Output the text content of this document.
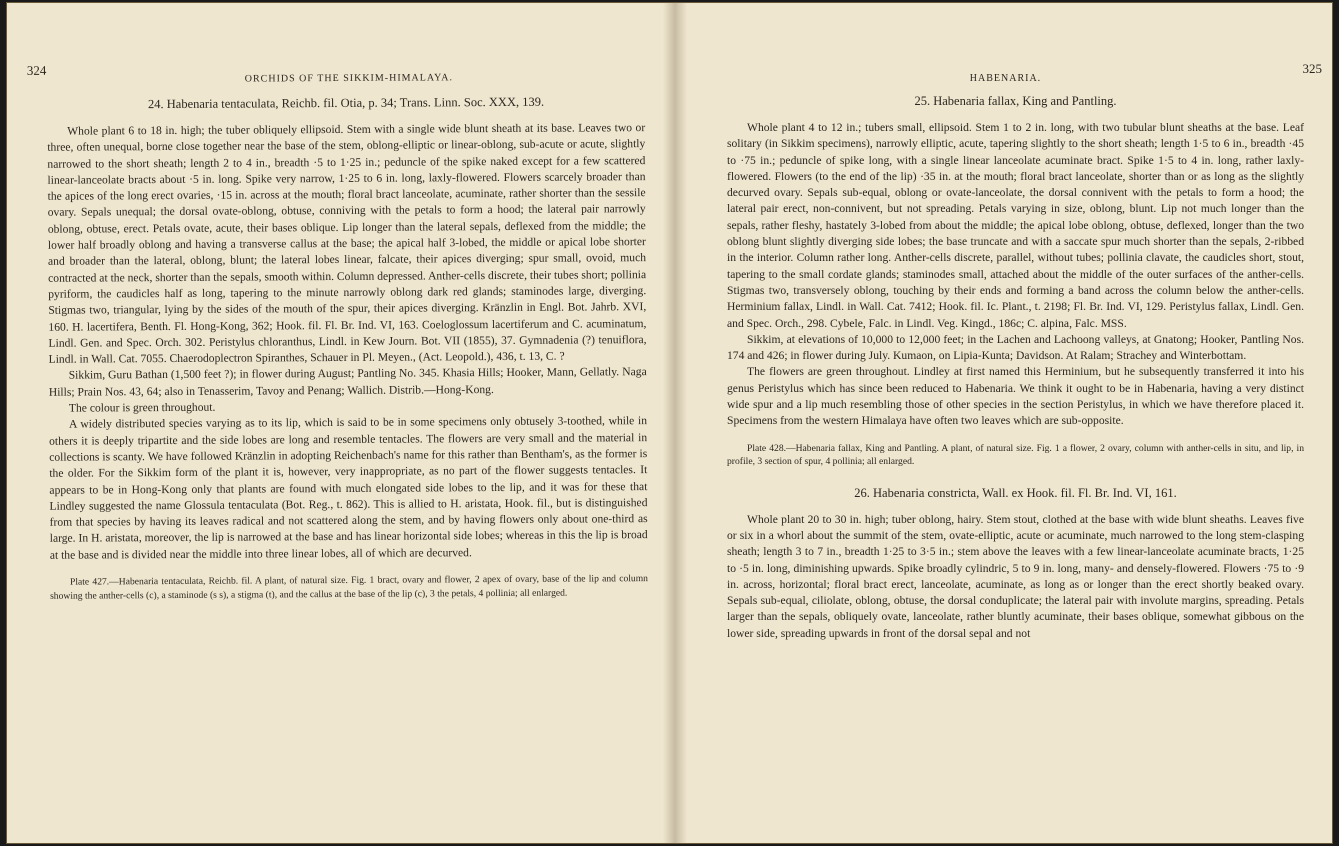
324
ORCHIDS OF THE SIKKIM-HIMALAYA.
24. Habenaria tentaculata, Reichb. fil. Otia, p. 34; Trans. Linn. Soc. XXX, 139.

Whole plant 6 to 18 in. high; the tuber obliquely ellipsoid. Stem with a single wide blunt sheath at its base. Leaves two or three, often unequal, borne close together near the base of the stem, oblong-elliptic or linear-oblong, sub-acute or acute, slightly narrowed to the short sheath; length 2 to 4 in., breadth ·5 to 1·25 in.; peduncle of the spike naked except for a few scattered linear-lanceolate bracts about ·5 in. long. Spike very narrow, 1·25 to 6 in. long, laxly-flowered. Flowers scarcely broader than the apices of the long erect ovaries, ·15 in. across at the mouth; floral bract lanceolate, acuminate, rather shorter than the sessile ovary. Sepals unequal; the dorsal ovate-oblong, obtuse, conniving with the petals to form a hood; the lateral pair narrowly oblong, obtuse, erect. Petals ovate, acute, their bases oblique. Lip longer than the lateral sepals, deflexed from the middle; the lower half broadly oblong and having a transverse callus at the base; the apical half 3-lobed, the middle or apical lobe shorter and broader than the lateral, oblong, blunt; the lateral lobes linear, falcate, their apices diverging; spur small, ovoid, much contracted at the neck, shorter than the sepals, smooth within. Column depressed. Anther-cells discrete, their tubes short; pollinia pyriform, the caudicles half as long, tapering to the minute narrowly oblong dark red glands; staminodes large, diverging. Stigmas two, triangular, lying by the sides of the mouth of the spur, their apices diverging. Kränzlin in Engl. Bot. Jahrb. XVI, 160. H. lacertifera, Benth. Fl. Hong-Kong, 362; Hook. fil. Fl. Br. Ind. VI, 163. Coeloglossum lacertiferum and C. acuminatum, Lindl. Gen. and Spec. Orch. 302. Peristylus chloranthus, Lindl. in Kew Journ. Bot. VII (1855), 37. Gymnadenia (?) tenuiflora, Lindl. in Wall. Cat. 7055. Chaerodoplectron Spiranthes, Schauer in Pl. Meyen., (Act. Leopold.), 436, t. 13, C. ?

Sikkim, Guru Bathan (1,500 feet ?); in flower during August; Pantling No. 345. Khasia Hills; Hooker, Mann, Gellatly. Naga Hills; Prain Nos. 43, 64; also in Tenasserim, Tavoy and Penang; Wallich. Distrib.—Hong-Kong.

The colour is green throughout.

A widely distributed species varying as to its lip, which is said to be in some specimens only obtusely 3-toothed, while in others it is deeply tripartite and the side lobes are long and resemble tentacles. The flowers are very small and the material in collections is scanty. We have followed Kränzlin in adopting Reichenbach's name for this rather than Bentham's, as the former is the older. For the Sikkim form of the plant it is, however, very inappropriate, as no part of the flower suggests tentacles. It appears to be in Hong-Kong only that plants are found with much elongated side lobes to the lip, and it was for these that Lindley suggested the name Glossula tentaculata (Bot. Reg., t. 862). This is allied to H. aristata, Hook. fil., but is distinguished from that species by having its leaves radical and not scattered along the stem, and by having flowers only about one-third as large. In H. aristata, moreover, the lip is narrowed at the base and has linear horizontal side lobes; whereas in this the lip is broad at the base and is divided near the middle into three linear lobes, all of which are decurved.

Plate 427.—Habenaria tentaculata, Reichb. fil. A plant, of natural size. Fig. 1 bract, ovary and flower, 2 apex of ovary, base of the lip and column showing the anther-cells (c), a staminode (s s), a stigma (t), and the callus at the base of the lip (c), 3 the petals, 4 pollinia; all enlarged.

325
HABENARIA.
25. Habenaria fallax, King and Pantling.

Whole plant 4 to 12 in.; tubers small, ellipsoid. Stem 1 to 2 in. long, with two tubular blunt sheaths at the base. Leaf solitary (in Sikkim specimens), narrowly elliptic, acute, tapering slightly to the short sheath; length 1·5 to 6 in., breadth ·45 to ·75 in.; peduncle of spike long, with a single linear lanceolate acuminate bract. Spike 1·5 to 4 in. long, rather laxly-flowered. Flowers (to the end of the lip) ·35 in. at the mouth; floral bract lanceolate, shorter than or as long as the slightly decurved ovary. Sepals sub-equal, oblong or ovate-lanceolate, the dorsal connivent with the petals to form a hood; the lateral pair erect, non-connivent, but not spreading. Petals varying in size, oblong, blunt. Lip not much longer than the sepals, rather fleshy, hastately 3-lobed from about the middle; the apical lobe oblong, obtuse, deflexed, longer than the two oblong blunt slightly diverging side lobes; the base truncate and with a saccate spur much shorter than the sepals, 2-ribbed in the interior. Column rather long. Anther-cells discrete, parallel, without tubes; pollinia clavate, the caudicles short, stout, tapering to the small cordate glands; staminodes small, attached about the middle of the outer surfaces of the anther-cells. Stigmas two, transversely oblong, touching by their ends and forming a band across the column below the anther-cells. Herminium fallax, Lindl. in Wall. Cat. 7412; Hook. fil. Ic. Plant., t. 2198; Fl. Br. Ind. VI, 129. Peristylus fallax, Lindl. Gen. and Spec. Orch., 298. Cybele, Falc. in Lindl. Veg. Kingd., 186c; C. alpina, Falc. MSS.

Sikkim, at elevations of 10,000 to 12,000 feet; in the Lachen and Lachoong valleys, at Gnatong; Hooker, Pantling Nos. 174 and 426; in flower during July. Kumaon, on Lipia-Kunta; Davidson. At Ralam; Strachey and Winterbottam.

The flowers are green throughout. Lindley at first named this Herminium, but he subsequently transferred it into his genus Peristylus which has since been reduced to Habenaria. We think it ought to be in Habenaria, having a very distinct wide spur and a lip much resembling those of other species in the section Peristylus, in which we have therefore placed it. Specimens from the western Himalaya have often two leaves which are sub-opposite.

Plate 428.—Habenaria fallax, King and Pantling. A plant, of natural size. Fig. 1 a flower, 2 ovary, column with anther-cells in situ, and lip, in profile, 3 section of spur, 4 pollinia; all enlarged.

26. Habenaria constricta, Wall. ex Hook. fil. Fl. Br. Ind. VI, 161.

Whole plant 20 to 30 in. high; tuber oblong, hairy. Stem stout, clothed at the base with wide blunt sheaths. Leaves five or six in a whorl about the summit of the stem, ovate-elliptic, acute or acuminate, much narrowed to the long stem-clasping sheath; length 3 to 7 in., breadth 1·25 to 3·5 in.; stem above the leaves with a few linear-lanceolate acuminate bracts, 1·25 to ·5 in. long, diminishing upwards. Spike broadly cylindric, 5 to 9 in. long, many- and densely-flowered. Flowers ·75 to ·9 in. across, horizontal; floral bract erect, lanceolate, acuminate, as long as or longer than the erect shortly beaked ovary. Sepals sub-equal, ciliolate, oblong, obtuse, the dorsal conduplicate; the lateral pair with involute margins, spreading. Petals larger than the sepals, obliquely ovate, lanceolate, rather bluntly acuminate, their bases oblique, somewhat gibbous on the lower side, spreading upwards in front of the dorsal sepal and not
